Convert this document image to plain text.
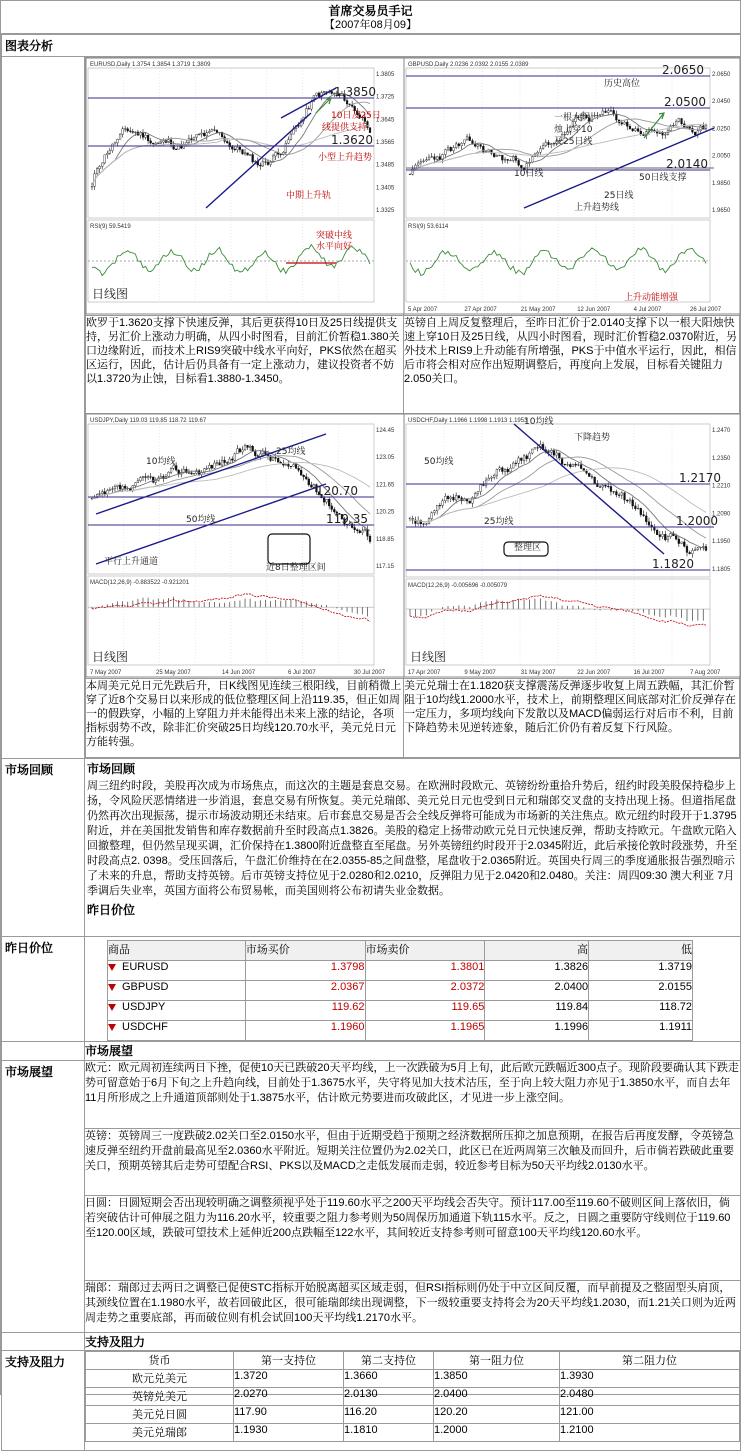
首席交易员手记
【2007年08月09】
图表分析

EURUSD,Daily 1.3754 1.3854 1.3719 1.3809
1.3805
1.3725
1.3645
1.3565
1.3485
1.3405
1.3325
1.3850
1.3620
10日及25日
线提供支持
小型上升趋势
中期上升轨
RSI(9) 59.5419
突破中线
水平向好
日线图

GBPUSD,Daily 2.0236 2.0392 2.0155 2.0389
2.0650
2.0450
2.0250
2.0050
1.9850
1.9650
2.0650
2.0500
2.0140
历史高位
一根大阴
烛上穿10
及25日线
10日线
25日线
上升趋势线
50日线支撑
RSI(9) 53.6114
上升动能增强
5 Apr 2007	27 Apr 2007	21 May 2007	12 Jun 2007	4 Jul 2007	26 Jul 2007

欧罗于1.3620支撑下快速反弹，其后更获得10日及25日线提供支持，另汇价上涨动力明确，从四小时图看，目前汇价暂稳1.380关口边缘附近，而技术上RIS9突破中线水平向好，PKS依然在超买区运行，因此，估计后仍具备有一定上涨动力，建议投资者不妨以1.3720为止蚀，目标看1.3880-1.3450。	英镑自上周反复整理后，至昨日汇价于2.0140支撑下以一根大阳烛快速上穿10日及25日线，从四小时图看，现时汇价暂稳2.0370附近，另外技术上RIS9上升动能有所增强，PKS于中值水平运行，因此，相信后市将会相对应作出短期调整后，再度向上发展，目标看关键阻力2.050关口。

USDJPY,Daily 119.03 119.85 118.72 119.67
124.45
123.05
121.65
120.25
118.85
117.15
120.70
119.35
10均线
25均线
50均线
平行上升通道
近8日整理区间
MACD(12,26,9) -0.883522 -0.921201
日线图
7 May 2007	25 May 2007	14 Jun 2007	6 Jul 2007	30 Jul 2007

USDCHF,Daily 1.1966 1.1998 1.1913 1.1953
1.2470
1.2350
1.2210
1.2090
1.1950
1.1805
1.2170
1.2000
1.1820
10均线
50均线
下降趋势
25均线
整理区
MACD(12,26,9) -0.005696 -0.005079
日线图
17 Apr 2007	9 May 2007	31 May 2007	22 Jun 2007	16 Jul 2007	7 Aug 2007

本周美元兑日元先跌后升，日K线图见连续三根阳线，目前稍微上穿了近8个交易日以来形成的低位整理区间上沿119.35，但正如周一的假跌穿，小幅的上穿阻力并未能得出未来上涨的结论，各项指标弱势不改，除非汇价突破25日均线120.70水平，美元兑日元方能转强。	美元兑瑞士在1.1820获支撑震荡反弹逐步收复上周五跌幅，其汇价暂阻于10均线1.2000水平，技术上，前期整理区间底部对汇价反弹存在一定压力，多项均线向下发散以及MACD偏弱运行对后市不利，目前下降趋势未见逆转迹象，随后汇价仍有着反复下行风险。

市场回顾	市场回顾
周三纽约时段，美股再次成为市场焦点，而这次的主题是套息交易。在欧洲时段欧元、英镑纷纷重拾升势后，纽约时段美股保持稳步上扬，令风险厌恶情绪进一步消退，套息交易有所恢复。美元兑瑞郎、美元兑日元也受到日元和瑞郎交叉盘的支持出现上扬。但道指尾盘仍然再次出现振荡，提示市场波动期还未结束。后市套息交易是否会全线反弹将可能成为市场新的关注焦点。欧元纽约时段开于1.3795附近，并在美国批发销售和库存数据前升至时段高点1.3826。美股的稳定上扬带动欧元兑日元快速反弹，帮助支持欧元。午盘欧元陷入回撤整理，但仍然呈现买调，汇价保持在1.3800附近盘整直至尾盘。另外英镑纽约时段开于2.0345附近，此后承接伦敦时段涨势，升至时段高点2. 0398。受压回落后，午盘汇价维持在在2.0355-85之间盘整，尾盘收于2.0365附近。英国央行周三的季度通胀报告强烈暗示了未来的升息，帮助支持英镑。后市英镑支持位见于2.0280和2.0210，反弹阻力见于2.0420和2.0480。关注：周四09:30 澳大利亚 7月季调后失业率，英国方面将公布贸易帐，而美国则将公布初请失业金数据。
昨日价位

昨日价位		商品	市场买价	市场卖价	高	低
EURUSD	1.3798	1.3801	1.3826	1.3719
GBPUSD	2.0367	2.0372	2.0400	2.0155
USDJPY	119.62	119.65	119.84	118.72
USDCHF	1.1960	1.1965	1.1996	1.1911

	市场展望
市场展望	欧元：欧元周初连续两日下挫，促使10天已跌破20天平均线，上一次跌破为5月上旬，此后欧元跌幅近300点子。现阶段要确认其下跌走势可留意始于6月下旬之上升趋向线，目前处于1.3675水平，失守将见加大技术沽压，至于向上较大阻力亦见于1.3850水平，而自去年11月所形成之上升通道顶部则处于1.3875水平，估计欧元势要进而攻破此区，才见进一步上涨空间。
英镑：英镑周三一度跌破2.02关口至2.0150水平，但由于近期受趋于预期之经济数据所压抑之加息预期，在报告后再度发酵，令英镑急速反弹至纽约开盘前最高见至2.0360水平附近。短期关注位置仍为2.02关口，此区已在近两周第三次触及而回升，后市倘若跌破此重要关口，预期英镑其后走势可望配合RSI、PKS以及MACD之走低发展而走弱，较近参考目标为50天平均线2.0130水平。
日圆：日圆短期会否出现较明确之调整须视乎处于119.60水平之200天平均线会否失守。预计117.00至119.60不破则区间上落依旧，倘若突破估计可伸展之阻力为116.20水平，较重要之阻力参考则为50周保历加通道下轨115水平。反之，日圆之重要防守线则位于119.60至120.00区域，跌破可望技术上延伸近200点跌幅至122水平，其间较近支持参考则可留意100天平均线120.60水平。
瑞郎：瑞郎过去两日之调整已促使STC指标开始脱离超买区域走弱，但RSI指标则仍处于中立区间反覆，而早前提及之整固型头肩顶，其颈线位置在1.1980水平，故若回破此区，很可能瑞郎续出现调整，下一级较重要支持将会为20天平均线1.2030，而1.21关口则为近两周走势之重要底部，再而破位则有机会试回100天平均线1.2170水平。
	支持及阻力
支持及阻力		货币	第一支持位	第二支持位	第一阻力位	第二阻力位
欧元兑美元	1.3720	1.3660	1.3850	1.3930
英镑兑美元	2.0270	2.0130	2.0400	2.0480
美元兑日圆	117.90	116.20	120.20	121.00
美元兑瑞郎	1.1930	1.1810	1.2000	1.2100
